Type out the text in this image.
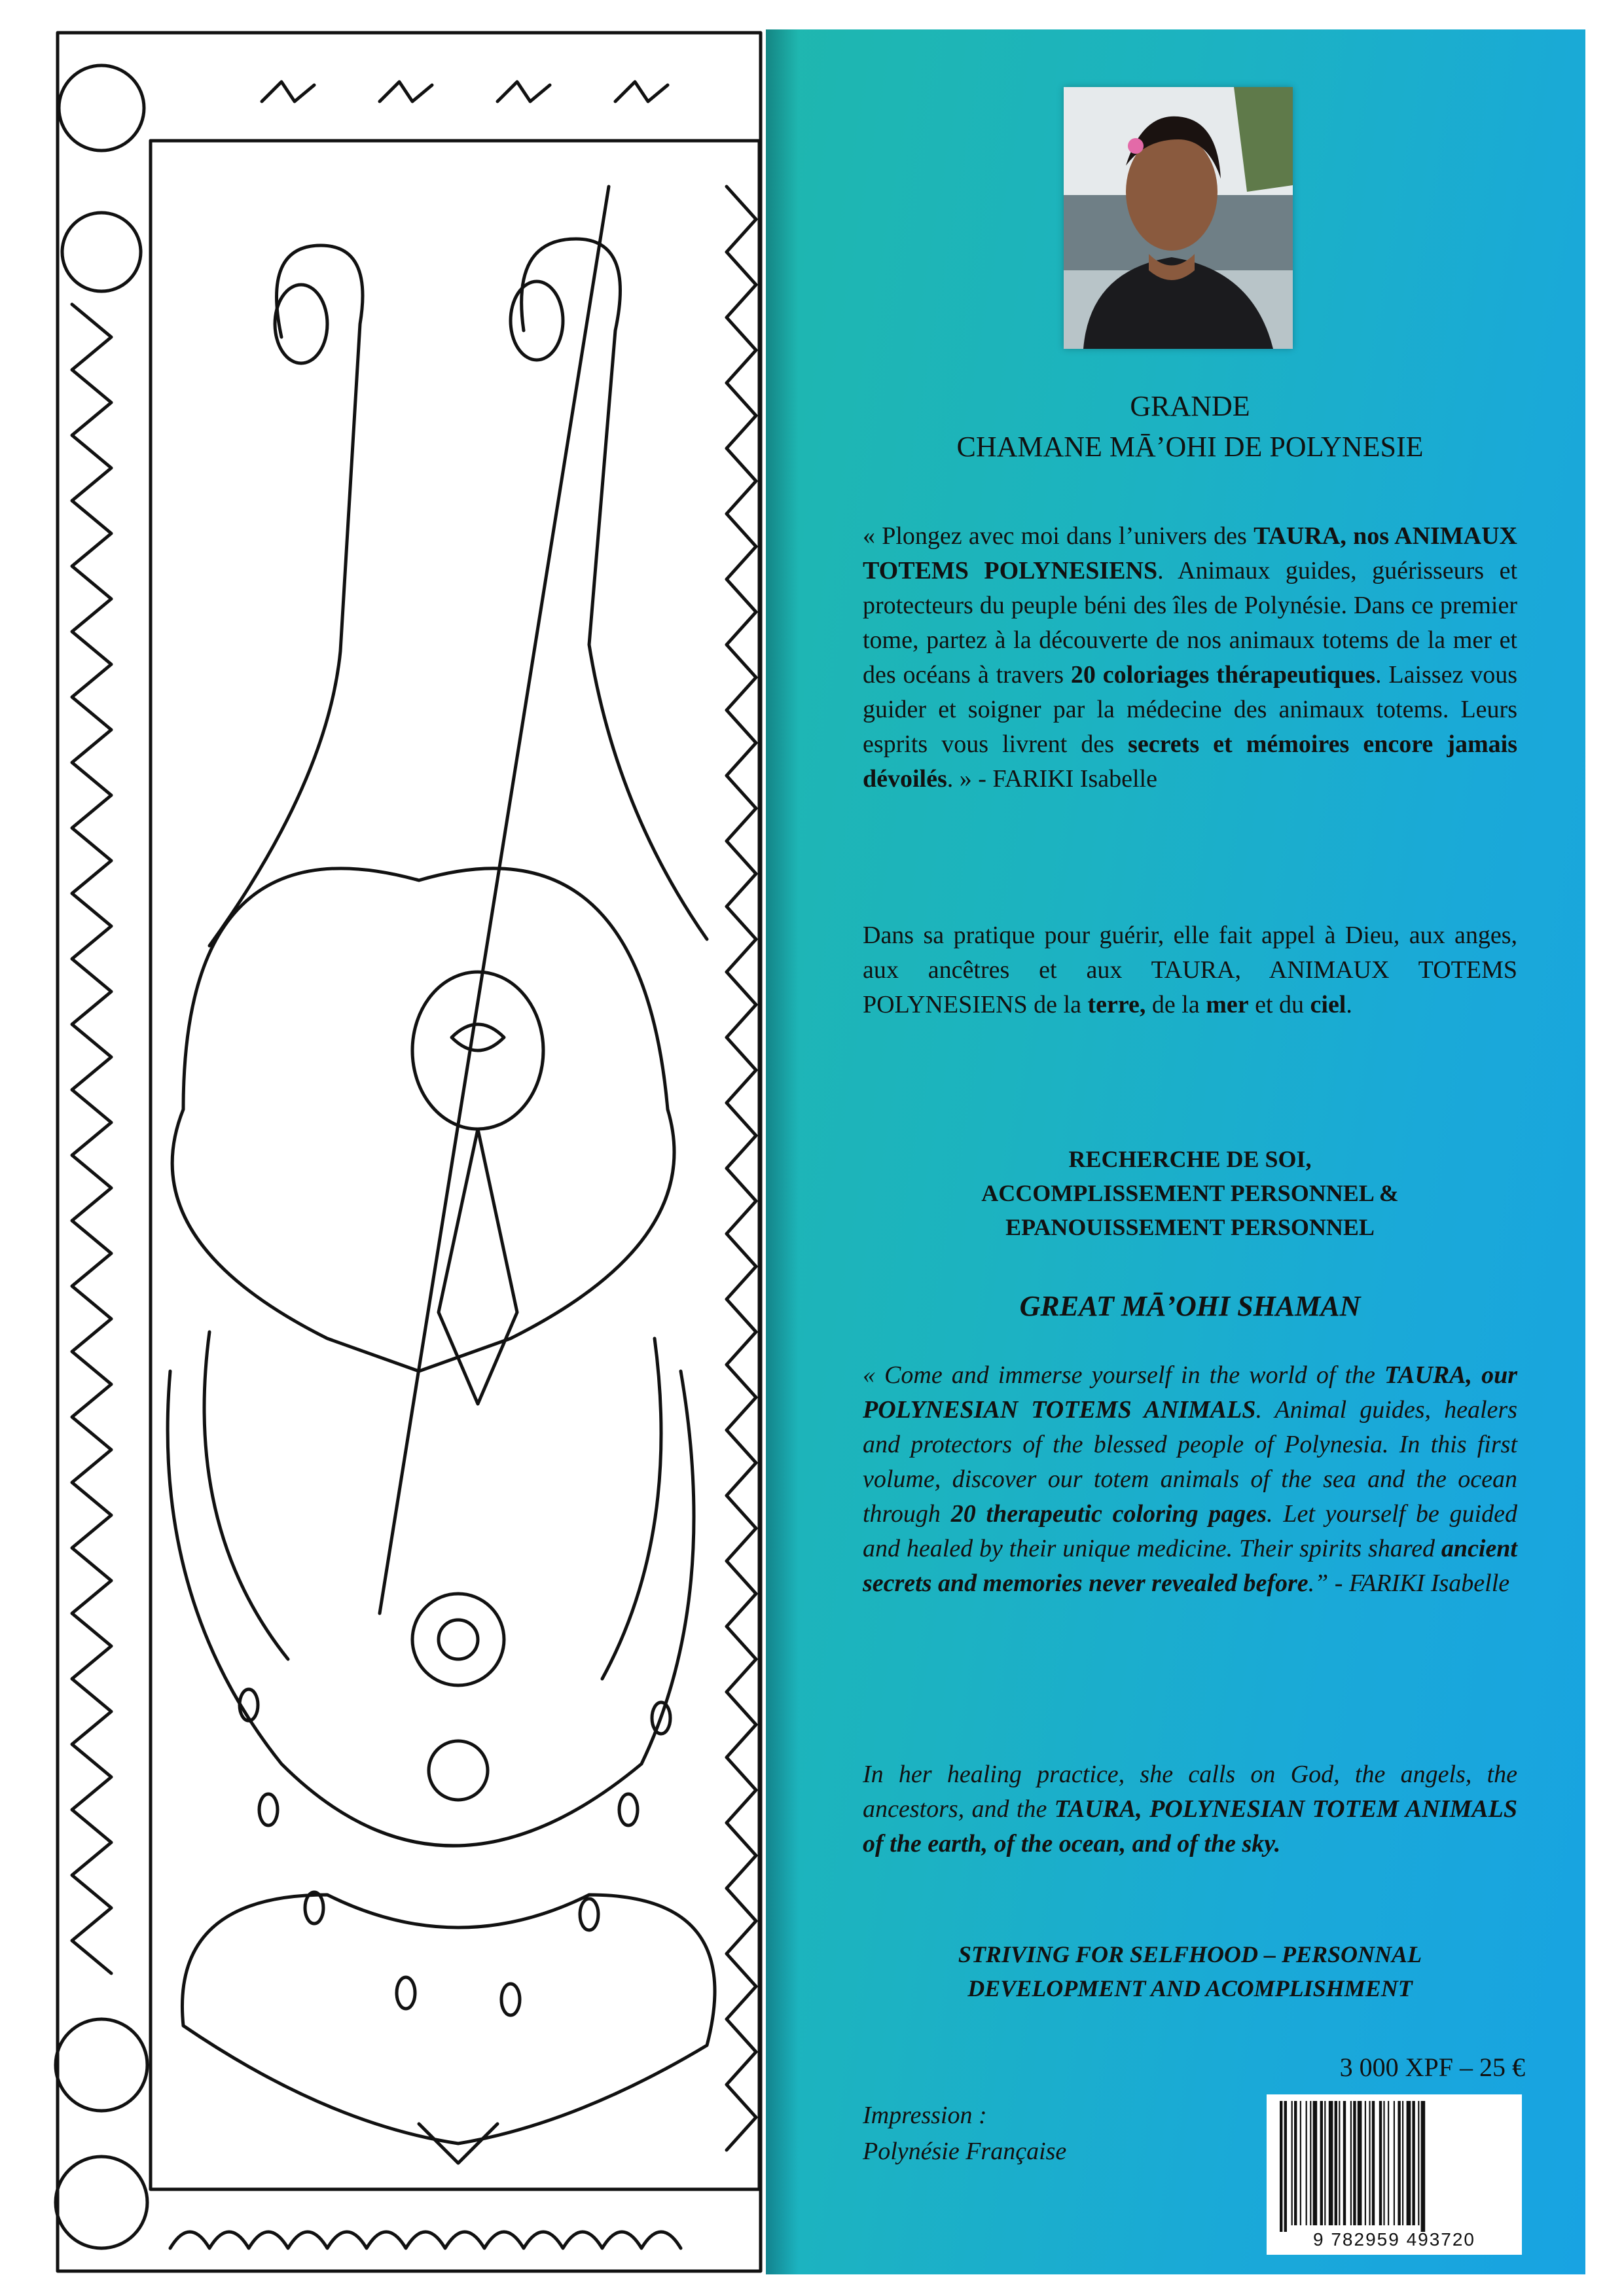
GRANDE
CHAMANE MĀ’OHI DE POLYNESIE
« Plongez avec moi dans l’univers des TAURA, nos ANIMAUX TOTEMS POLYNESIENS. Animaux guides, guérisseurs et protecteurs du peuple béni des îles de Polynésie. Dans ce premier tome, partez à la découverte de nos animaux totems de la mer et des océans à travers 20 coloriages thérapeutiques. Laissez vous guider et soigner par la médecine des animaux totems. Leurs esprits vous livrent des secrets et mémoires encore jamais dévoilés. » - FARIKI Isabelle
Dans sa pratique pour guérir, elle fait appel à Dieu, aux anges, aux ancêtres et aux TAURA, ANIMAUX TOTEMS POLYNESIENS de la terre, de la mer et du ciel.
RECHERCHE DE SOI,
ACCOMPLISSEMENT PERSONNEL &
EPANOUISSEMENT PERSONNEL
GREAT MĀ’OHI SHAMAN
« Come and immerse yourself in the world of the TAURA, our POLYNESIAN TOTEMS ANIMALS. Animal guides, healers and protectors of the blessed people of Polynesia. In this first volume, discover our totem animals of the sea and the ocean through 20 therapeutic coloring pages. Let yourself be guided and healed by their unique medicine. Their spirits shared ancient secrets and memories never revealed before.” - FARIKI Isabelle
In her healing practice, she calls on God, the angels, the ancestors, and the TAURA, POLYNESIAN TOTEM ANIMALS of the earth, of the ocean, and of the sky.
STRIVING FOR SELFHOOD – PERSONNAL
DEVELOPMENT AND ACOMPLISHMENT
3 000 XPF – 25 €
Impression :
Polynésie Française
9 782959 493720
